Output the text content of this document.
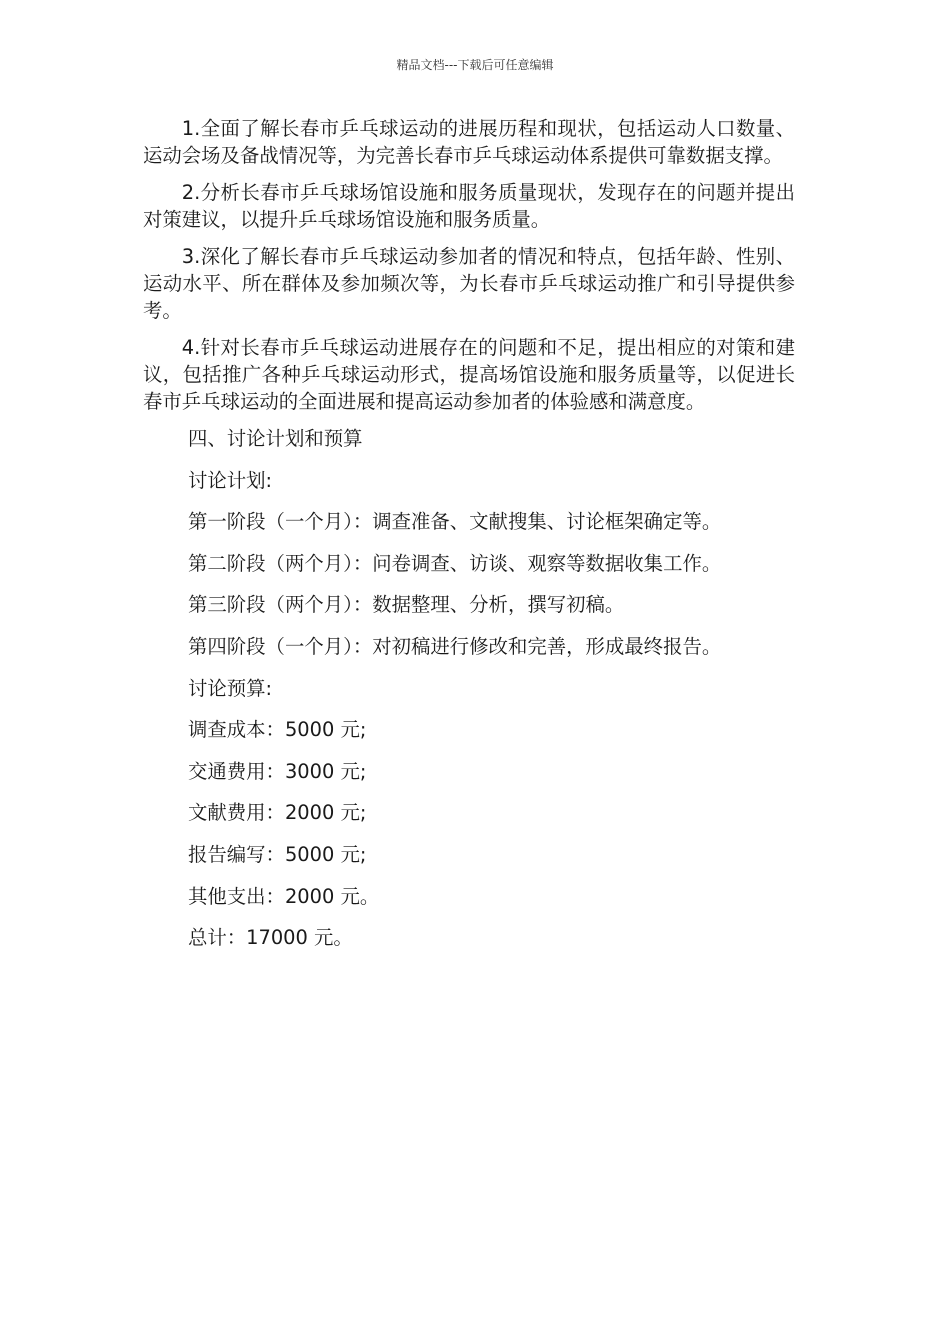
精品文档---下载后可任意编辑

1.全面了解长春市乒乓球运动的进展历程和现状，包括运动人口数量、运动会场及备战情况等，为完善长春市乒乓球运动体系提供可靠数据支撑。

2.分析长春市乒乓球场馆设施和服务质量现状，发现存在的问题并提出对策建议，以提升乒乓球场馆设施和服务质量。

3.深化了解长春市乒乓球运动参加者的情况和特点，包括年龄、性别、运动水平、所在群体及参加频次等，为长春市乒乓球运动推广和引导提供参考。

4.针对长春市乒乓球运动进展存在的问题和不足，提出相应的对策和建议，包括推广各种乒乓球运动形式，提高场馆设施和服务质量等，以促进长春市乒乓球运动的全面进展和提高运动参加者的体验感和满意度。

四、讨论计划和预算

讨论计划:

第一阶段（一个月）：调查准备、文献搜集、讨论框架确定等。

第二阶段（两个月）：问卷调查、访谈、观察等数据收集工作。

第三阶段（两个月）：数据整理、分析，撰写初稿。

第四阶段（一个月）：对初稿进行修改和完善，形成最终报告。

讨论预算:

调查成本：5000 元;

交通费用：3000 元;

文献费用：2000 元;

报告编写：5000 元;

其他支出：2000 元。

总计：17000 元。
